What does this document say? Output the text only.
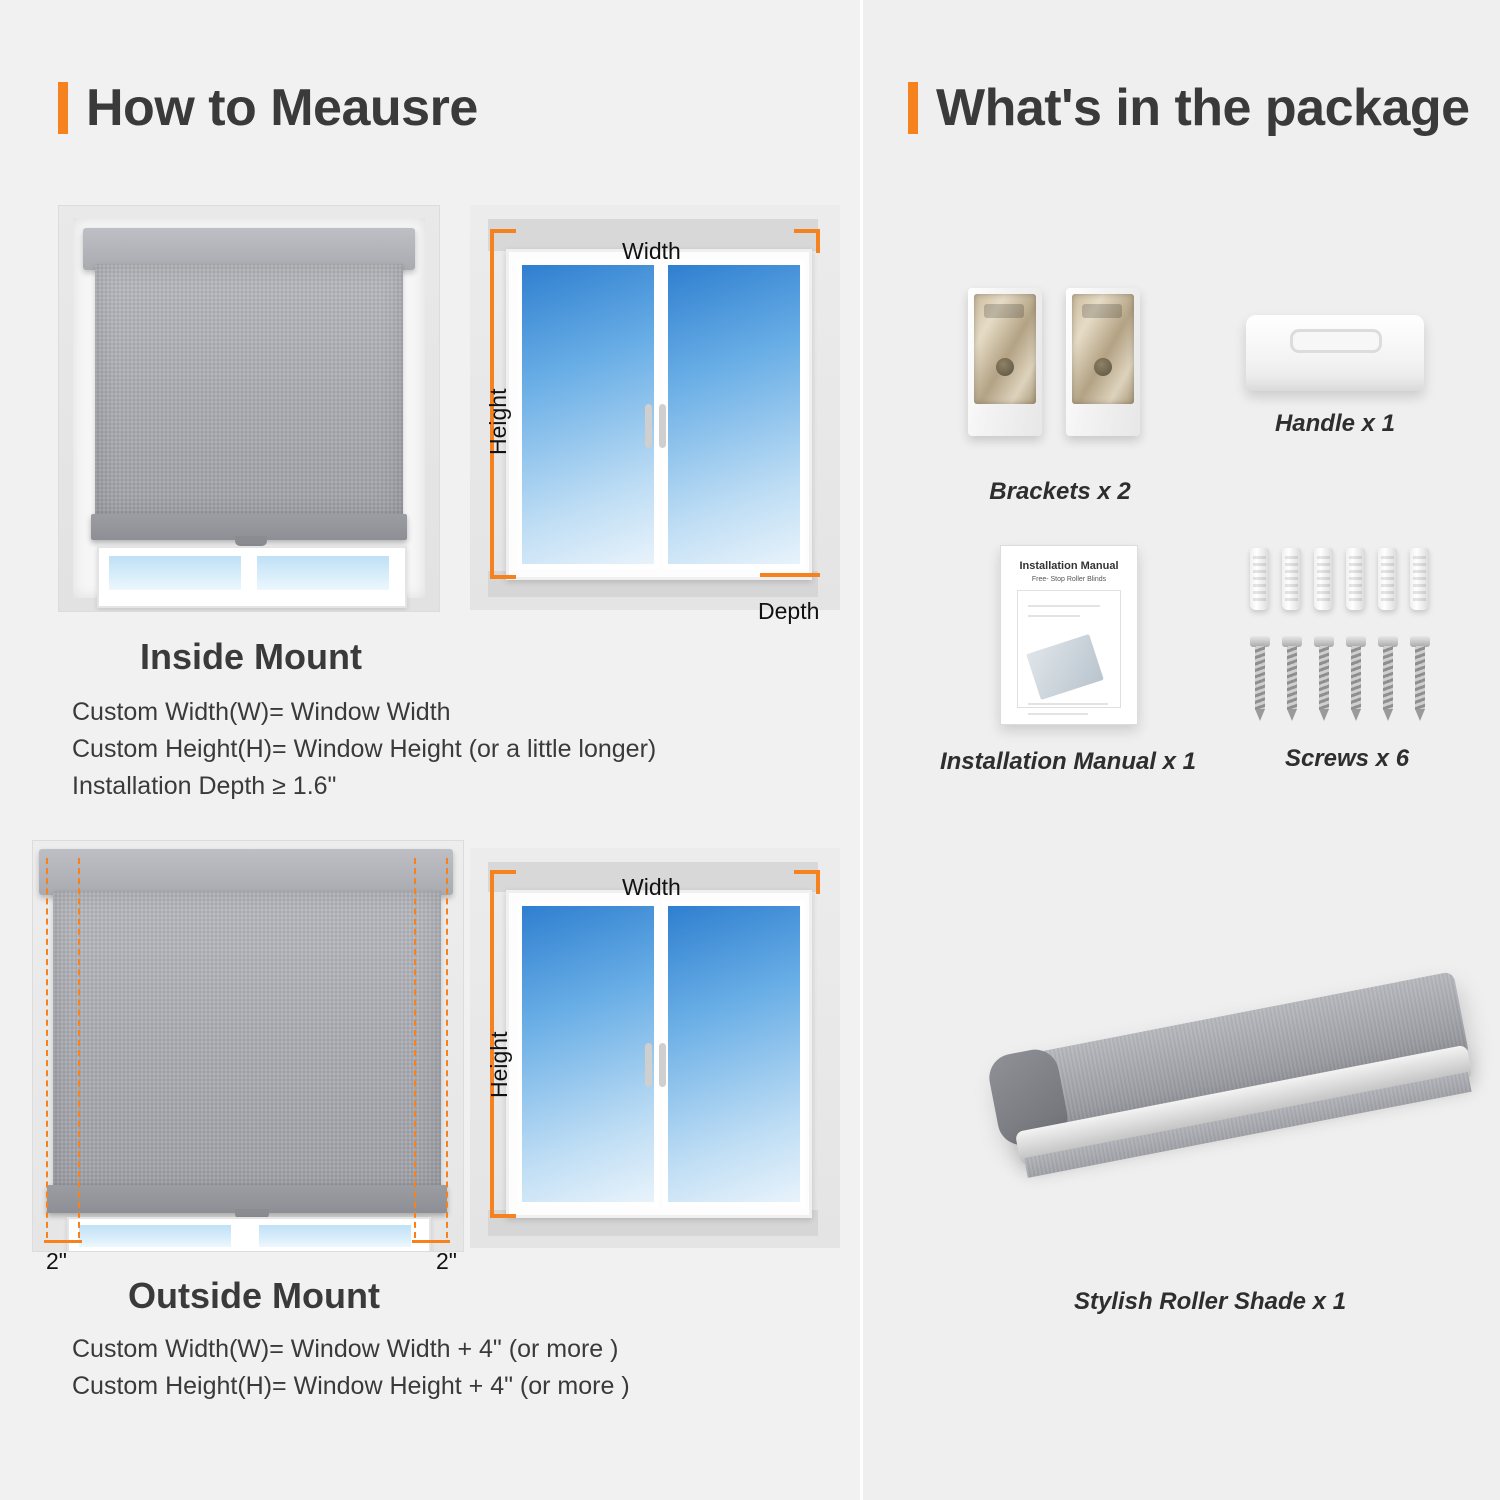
How to Meausre
Width
Height
Depth
Inside Mount
Custom Width(W)= Window Width
Custom Height(H)= Window Height (or a little longer)
Installation Depth ≥ 1.6"
2"	2"
Width
Height
Outside Mount
Custom Width(W)= Window Width + 4" (or more )
Custom Height(H)= Window Height + 4" (or more )
What's in the package
Brackets x 2
Handle x 1
Installation Manual
Free- Stop Roller Blinds
Installation Manual x 1	Screws x 6
Stylish Roller Shade x 1
